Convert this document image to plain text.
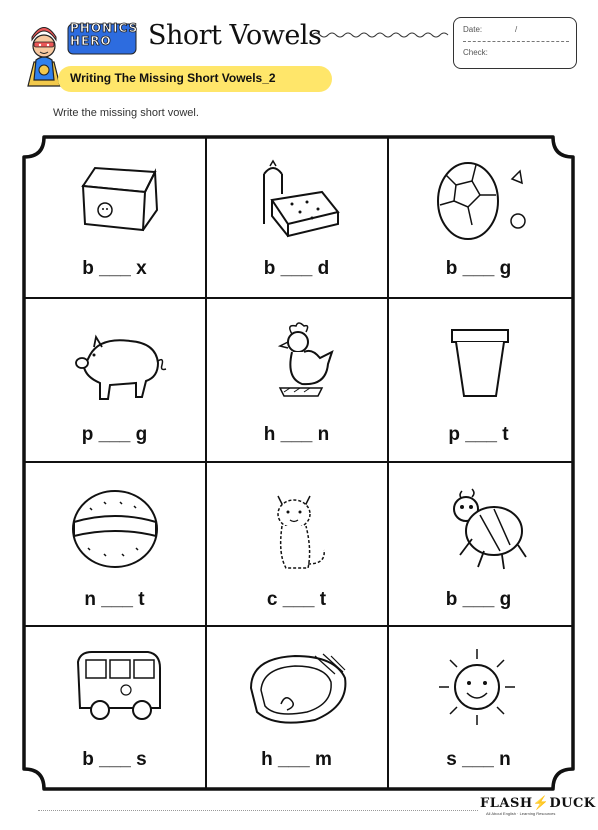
PHONICS
HERO	Short Vowels	Date:	/
Check:
Writing The Missing Short Vowels_2
Write the missing short vowel.
b ___ x	b ___ d	b ___ g
p ___ g	h ___ n	p ___ t
n ___ t	c ___ t	b ___ g
b ___ s	h ___ m	s ___ n
FLASH⚡DUCK
All About English · Learning Resources
